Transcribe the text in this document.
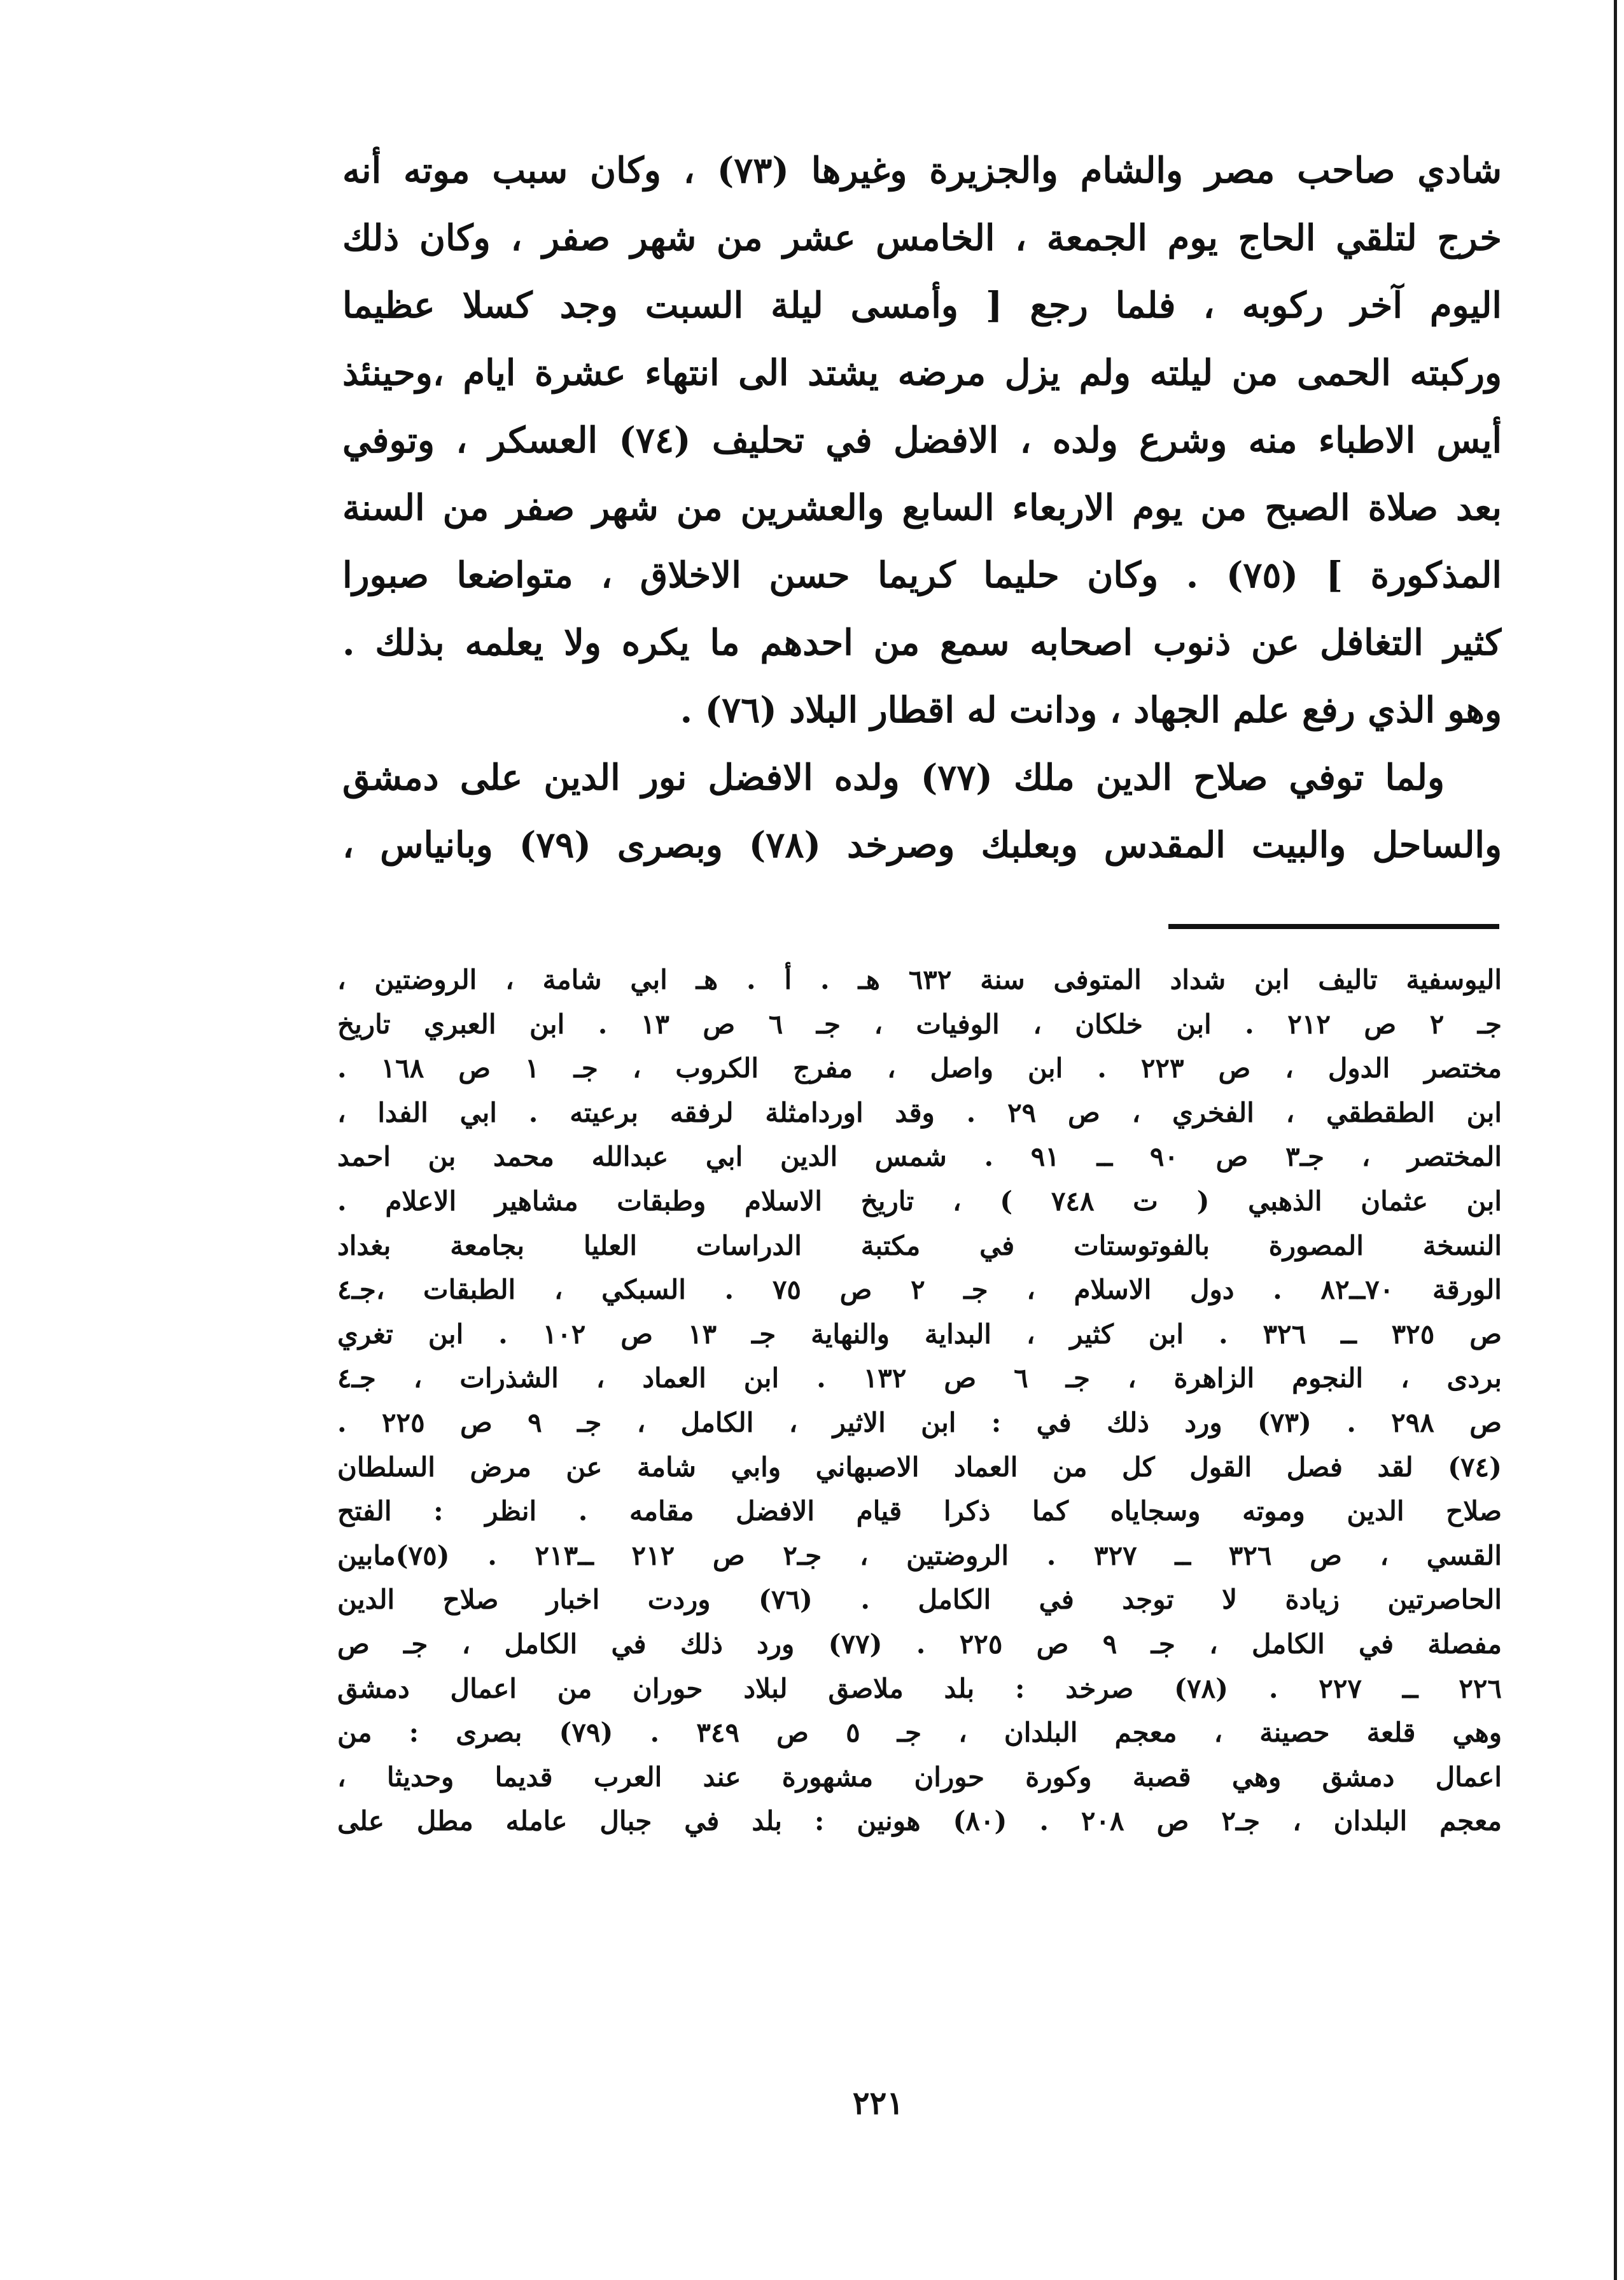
شادي صاحب مصر والشام والجزيرة وغيرها (٧٣) ، وكان سبب موته أنه
خرج لتلقي الحاج يوم الجمعة ، الخامس عشر من شهر صفر ، وكان ذلك
اليوم آخر ركوبه ، فلما رجع [ وأمسى ليلة السبت وجد كسلا عظيما
وركبته الحمى من ليلته ولم يزل مرضه يشتد الى انتهاء عشرة ايام ،وحينئذ
أيس الاطباء منه وشرع ولده ، الافضل في تحليف (٧٤) العسكر ، وتوفي
بعد صلاة الصبح من يوم الاربعاء السابع والعشرين من شهر صفر من السنة
المذكورة ] (٧٥) . وكان حليما كريما حسن الاخلاق ، متواضعا صبورا
كثير التغافل عن ذنوب اصحابه سمع من احدهم ما يكره ولا يعلمه بذلك .
وهو الذي رفع علم الجهاد ، ودانت له اقطار البلاد (٧٦) .
ولما توفي صلاح الدين ملك (٧٧) ولده الافضل نور الدين على دمشق
والساحل والبيت المقدس وبعلبك وصرخد (٧٨) وبصرى (٧٩) وبانياس ،
اليوسفية تاليف ابن شداد المتوفى سنة ٦٣٢ هـ . أ . هـ ابي شامة ، الروضتين ،
جـ ٢ ص ٢١٢ . ابن خلكان ، الوفيات ، جـ ٦ ص ١٣ . ابن العبري تاريخ
مختصر الدول ، ص ٢٢٣ . ابن واصل ، مفرج الكروب ، جـ ١ ص ١٦٨ .
ابن الطقطقي ، الفخري ، ص ٢٩ . وقد اوردامثلة لرفقه برعيته . ابي الفدا ،
المختصر ، جـ٣ ص ٩٠ ــ ٩١ . شمس الدين ابي عبدالله محمد بن احمد
ابن عثمان الذهبي ( ت ٧٤٨ ) ، تاريخ الاسلام وطبقات مشاهير الاعلام .
النسخة المصورة بالفوتوستات في مكتبة الدراسات العليا بجامعة بغداد
الورقة ٧٠ــ٨٢ . دول الاسلام ، جـ ٢ ص ٧٥ . السبكي ، الطبقات ،جـ٤
ص ٣٢٥ ــ ٣٢٦ . ابن كثير ، البداية والنهاية جـ ١٣ ص ١٠٢ . ابن تغري
بردى ، النجوم الزاهرة ، جـ ٦ ص ١٣٢ . ابن العماد ، الشذرات ، جـ٤
ص ٢٩٨ . (٧٣) ورد ذلك في : ابن الاثير ، الكامل ، جـ ٩ ص ٢٢٥ .
(٧٤) لقد فصل القول كل من العماد الاصبهاني وابي شامة عن مرض السلطان
صلاح الدين وموته وسجاياه كما ذكرا قيام الافضل مقامه . انظر : الفتح
القسي ، ص ٣٢٦ ــ ٣٢٧ . الروضتين ، جـ٢ ص ٢١٢ ــ٢١٣ . (٧٥)مابين
الحاصرتين زيادة لا توجد في الكامل . (٧٦) وردت اخبار صلاح الدين
مفصلة في الكامل ، جـ ٩ ص ٢٢٥ . (٧٧) ورد ذلك في الكامل ، جـ ص
٢٢٦ ــ ٢٢٧ . (٧٨) صرخد : بلد ملاصق لبلاد حوران من اعمال دمشق
وهي قلعة حصينة ، معجم البلدان ، جـ ٥ ص ٣٤٩ . (٧٩) بصرى : من
اعمال دمشق وهي قصبة وكورة حوران مشهورة عند العرب قديما وحديثا ،
معجم البلدان ، جـ٢ ص ٢٠٨ . (٨٠) هونين : بلد في جبال عامله مطل على
٢٢١
